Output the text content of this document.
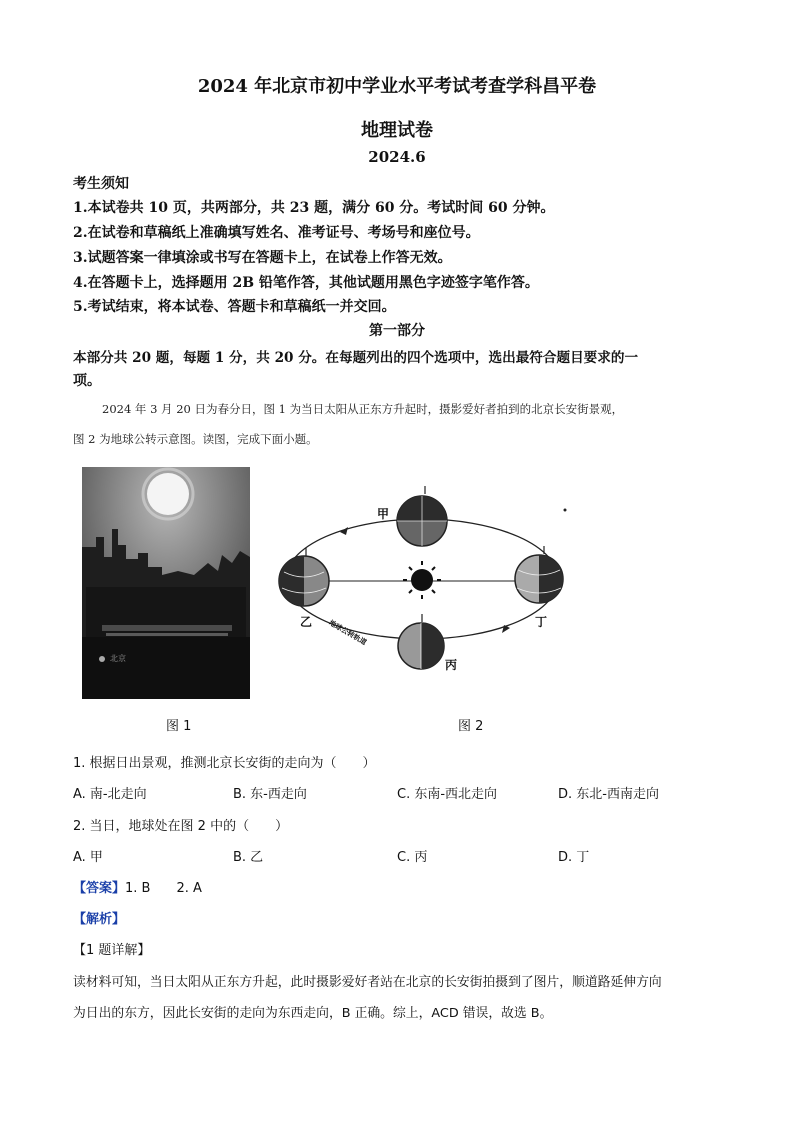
2024 年北京市初中学业水平考试考查学科昌平卷
地理试卷
2024.6
考生须知
1.本试卷共 10 页，共两部分，共 23 题，满分 60 分。考试时间 60 分钟。
2.在试卷和草稿纸上准确填写姓名、准考证号、考场号和座位号。
3.试题答案一律填涂或书写在答题卡上，在试卷上作答无效。
4.在答题卡上，选择题用 2B 铅笔作答，其他试题用黑色字迹签字笔作答。
5.考试结束，将本试卷、答题卡和草稿纸一并交回。
第一部分
本部分共 20 题，每题 1 分，共 20 分。在每题列出的四个选项中，选出最符合题目要求的一
项。
2024 年 3 月 20 日为春分日，图 1 为当日太阳从正东方升起时，摄影爱好者拍到的北京长安街景观，
图 2 为地球公转示意图。读图，完成下面小题。
北京
甲
乙
丙
丁
地球公转轨道
图 1	图 2
1. 根据日出景观，推测北京长安街的走向为（　　）
A. 南-北走向	B. 东-西走向	C. 东南-西北走向	D. 东北-西南走向
2. 当日，地球处在图 2 中的（　　）
A. 甲	B. 乙	C. 丙	D. 丁
【答案】1. B　　2. A
【解析】
【1 题详解】
读材料可知，当日太阳从正东方升起，此时摄影爱好者站在北京的长安街拍摄到了图片，顺道路延伸方向
为日出的东方，因此长安街的走向为东西走向，B 正确。综上，ACD 错误，故选 B。
